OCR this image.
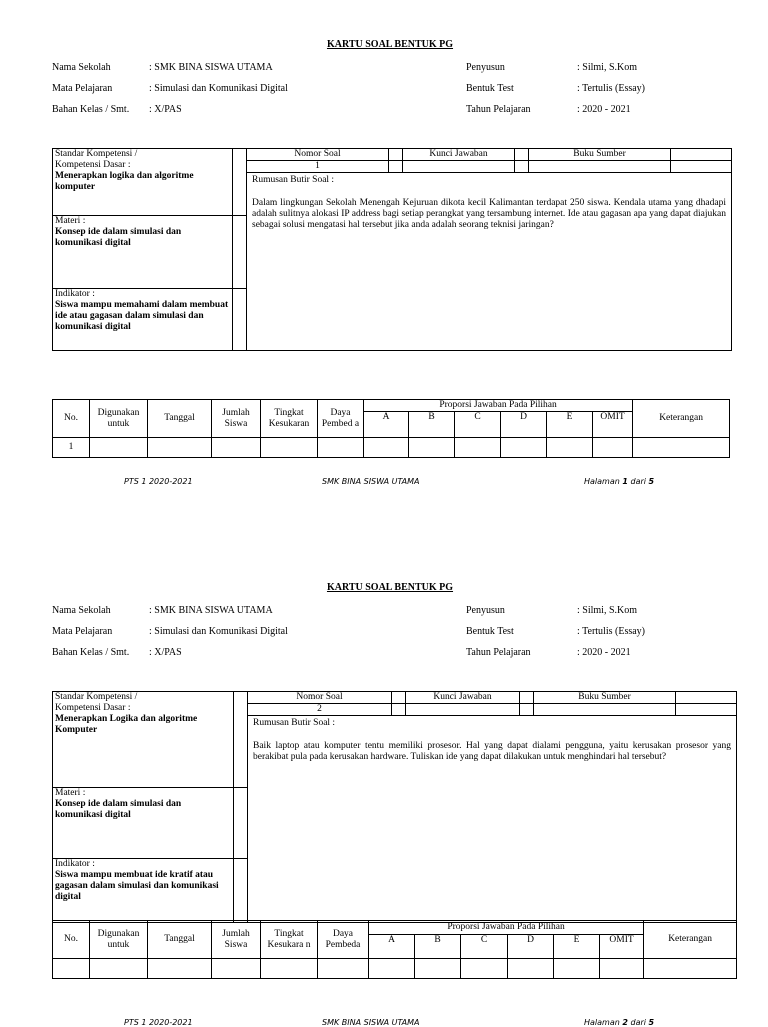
KARTU SOAL BENTUK PG
Nama Sekolah	: SMK BINA SISWA UTAMA
Mata Pelajaran	: Simulasi dan Komunikasi Digital
Bahan Kelas / Smt. : X/PAS
Penyusun	: Silmi, S.Kom
Bentuk Test	: Tertulis (Essay)
Tahun Pelajaran	: 2020 - 2021
Standar Kompetensi /
Kompetensi Dasar :
Menerapkan logika dan algoritme komputer		Nomor Soal		Kunci Jawaban		Buku Sumber	
		1					

		Rumusan Butir Soal :
Dalam lingkungan Sekolah Menengah Kejuruan dikota kecil Kalimantan terdapat 250 siswa. Kendala utama yang dhadapi adalah sulitnya alokasi IP address bagi setiap perangkat yang tersambung internet. Ide atau gagasan apa yang dapat diajukan sebagai solusi mengatasi hal tersebut jika anda adalah seorang teknisi jaringan?					

Materi :
Konsep ide dalam simulasi dan komunikasi digital							

Indikator :
Siswa mampu memahami dalam membuat ide atau gagasan dalam simulasi dan komunikasi digital							

No.	Digunakan untuk	Tanggal	Jumlah Siswa	Tingkat Kesukaran	Daya Pembed a	Proporsi Jawaban Pada Pilihan						Keterangan
						A	B	C	D	E	OMIT	
1												
PTS 1 2020-2021	SMK BINA SISWA UTAMA	Halaman 1 dari 5
KARTU SOAL BENTUK PG
Nama Sekolah	: SMK BINA SISWA UTAMA
Mata Pelajaran	: Simulasi dan Komunikasi Digital
Bahan Kelas / Smt. : X/PAS
Penyusun	: Silmi, S.Kom
Bentuk Test	: Tertulis (Essay)
Tahun Pelajaran	: 2020 - 2021
Standar Kompetensi /
Kompetensi Dasar :
Menerapkan Logika dan algoritme Komputer		Nomor Soal		Kunci Jawaban		Buku Sumber	
		2					

		Rumusan Butir Soal :
Baik laptop atau komputer tentu memiliki prosesor. Hal yang dapat dialami pengguna, yaitu kerusakan prosesor yang berakibat pula pada kerusakan hardware. Tuliskan ide yang dapat dilakukan untuk menghindari hal tersebut?					

Materi :
Konsep ide dalam simulasi dan komunikasi digital							

Indikator :
Siswa mampu membuat ide kratif atau gagasan dalam simulasi dan komunikasi digital							

No.	Digunakan untuk	Tanggal	Jumlah Siswa	Tingkat Kesukara n	Daya Pembeda	Proporsi Jawaban Pada Pilihan						Keterangan
						A	B	C	D	E	OMIT	

PTS 1 2020-2021	SMK BINA SISWA UTAMA	Halaman 2 dari 5
